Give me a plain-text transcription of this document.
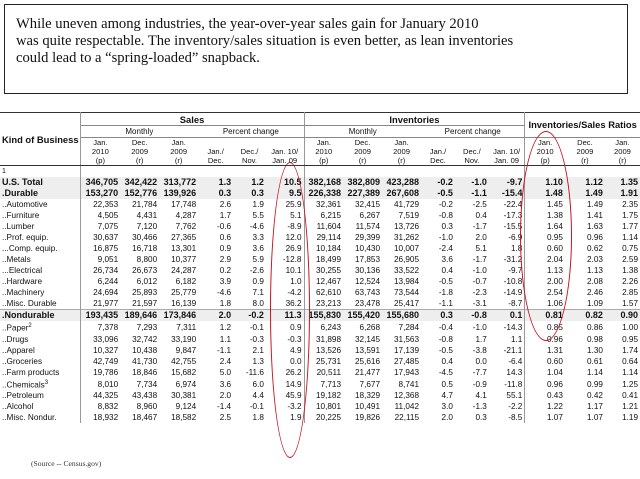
While uneven among industries, the year-over-year sales gain for January 2010
was quite respectable. The inventory/sales situation is even better, as lean inventories
could lead to a “spring-loaded” snapback.
Kind of Business	Sales						Inventories						Inventories/Sales Ratios		
	Monthly			Percent change			Monthly			Percent change					
	Jan.
2010
(p)	Dec.
2009
(r)	Jan.
2009
(r)	Jan./
Dec.	Dec./
Nov.	Jan. 10/
Jan. 09	Jan.
2010
(p)	Dec.
2009
(r)	Jan.
2009
(r)	Jan./
Dec.	Dec./
Nov.	Jan. 10/
Jan. 09	Jan.
2010
(p)	Dec.
2009
(r)	Jan.
2009
(r)
1															
U.S. Total	346,705	342,422	313,772	1.3	1.2	10.5	382,168	382,809	423,288	-0.2	-1.0	-9.7	1.10	1.12	1.35
.Durable	153,270	152,776	139,926	0.3	0.3	9.5	226,338	227,389	267,608	-0.5	-1.1	-15.4	1.48	1.49	1.91
..Automotive	22,353	21,784	17,748	2.6	1.9	25.9	32,361	32,415	41,729	-0.2	-2.5	-22.4	1.45	1.49	2.35
..Furniture	4,505	4,431	4,287	1.7	5.5	5.1	6,215	6,267	7,519	-0.8	0.4	-17.3	1.38	1.41	1.75
..Lumber	7,075	7,120	7,762	-0.6	-4.6	-8.9	11,604	11,574	13,726	0.3	-1.7	-15.5	1.64	1.63	1.77
..Prof. equip.	30,637	30,466	27,365	0.6	3.3	12.0	29,114	29,399	31,262	-1.0	2.0	-6.9	0.95	0.96	1.14
...Comp. equip.	16,875	16,718	13,301	0.9	3.6	26.9	10,184	10,430	10,007	-2.4	5.1	1.8	0.60	0.62	0.75
..Metals	9,051	8,800	10,377	2.9	5.9	-12.8	18,499	17,853	26,905	3.6	-1.7	-31.2	2.04	2.03	2.59
...Electrical	26,734	26,673	24,287	0.2	-2.6	10.1	30,255	30,136	33,522	0.4	-1.0	-9.7	1.13	1.13	1.38
..Hardware	6,244	6,012	6,182	3.9	0.9	1.0	12,467	12,524	13,984	-0.5	-0.7	-10.8	2.00	2.08	2.26
..Machinery	24,694	25,893	25,779	-4.6	7.1	-4.2	62,610	63,743	73,544	-1.8	-2.3	-14.9	2.54	2.46	2.85
..Misc. Durable	21,977	21,597	16,139	1.8	8.0	36.2	23,213	23,478	25,417	-1.1	-3.1	-8.7	1.06	1.09	1.57
.Nondurable	193,435	189,646	173,846	2.0	-0.2	11.3	155,830	155,420	155,680	0.3	-0.8	0.1	0.81	0.82	0.90
..Paper$^2$	7,378	7,293	7,311	1.2	-0.1	0.9	6,243	6,268	7,284	-0.4	-1.0	-14.3	0.85	0.86	1.00
..Drugs	33,096	32,742	33,190	1.1	-0.3	-0.3	31,898	32,145	31,563	-0.8	1.7	1.1	0.96	0.98	0.95
..Apparel	10,327	10,438	9,847	-1.1	2.1	4.9	13,526	13,591	17,139	-0.5	-3.8	-21.1	1.31	1.30	1.74
..Groceries	42,749	41,730	42,755	2.4	1.3	0.0	25,731	25,616	27,485	0.4	0.0	-6.4	0.60	0.61	0.64
..Farm products	19,786	18,846	15,682	5.0	-11.6	26.2	20,511	21,477	17,943	-4.5	-7.7	14.3	1.04	1.14	1.14
..Chemicals$^3$	8,010	7,734	6,974	3.6	6.0	14.9	7,713	7,677	8,741	0.5	-0.9	-11.8	0.96	0.99	1.25
..Petroleum	44,325	43,438	30,381	2.0	4.4	45.9	19,182	18,329	12,368	4.7	4.1	55.1	0.43	0.42	0.41
..Alcohol	8,832	8,960	9,124	-1.4	-0.1	-3.2	10,801	10,491	11,042	3.0	-1.3	-2.2	1.22	1.17	1.21
..Misc. Nondur.	18,932	18,467	18,582	2.5	1.8	1.9	20,225	19,826	22,115	2.0	0.3	-8.5	1.07	1.07	1.19
(Source -- Census.gov)
